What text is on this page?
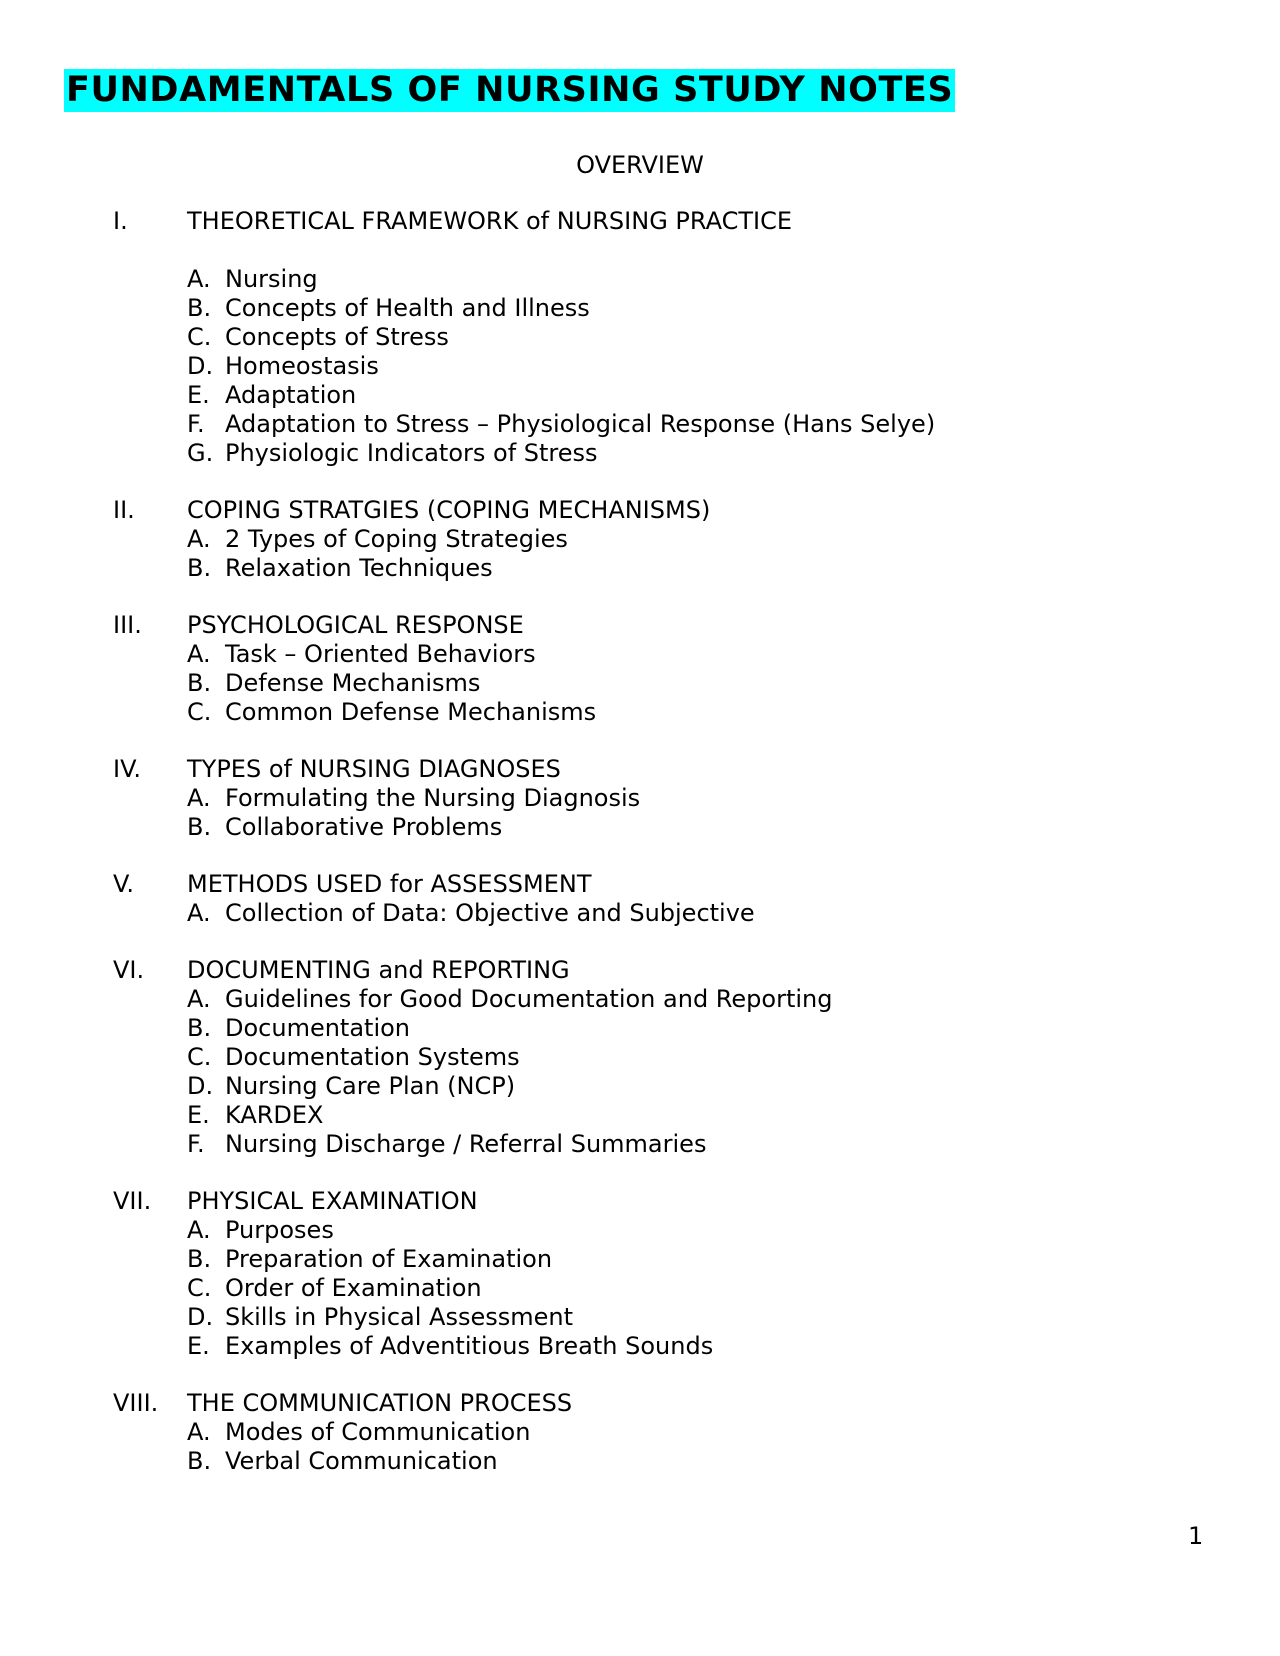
FUNDAMENTALS OF NURSING STUDY NOTES
OVERVIEW
I. THEORETICAL FRAMEWORK of NURSING PRACTICE
A. Nursing
B. Concepts of Health and Illness
C. Concepts of Stress
D. Homeostasis
E. Adaptation
F. Adaptation to Stress – Physiological Response (Hans Selye)
G. Physiologic Indicators of Stress
II. COPING STRATGIES (COPING MECHANISMS)
A. 2 Types of Coping Strategies
B. Relaxation Techniques
III. PSYCHOLOGICAL RESPONSE
A. Task – Oriented Behaviors
B. Defense Mechanisms
C. Common Defense Mechanisms
IV. TYPES of NURSING DIAGNOSES
A. Formulating the Nursing Diagnosis
B. Collaborative Problems
V. METHODS USED for ASSESSMENT
A. Collection of Data: Objective and Subjective
VI. DOCUMENTING and REPORTING
A. Guidelines for Good Documentation and Reporting
B. Documentation
C. Documentation Systems
D. Nursing Care Plan (NCP)
E. KARDEX
F. Nursing Discharge / Referral Summaries
VII. PHYSICAL EXAMINATION
A. Purposes
B. Preparation of Examination
C. Order of Examination
D. Skills in Physical Assessment
E. Examples of Adventitious Breath Sounds
VIII. THE COMMUNICATION PROCESS
A. Modes of Communication
B. Verbal Communication
1
